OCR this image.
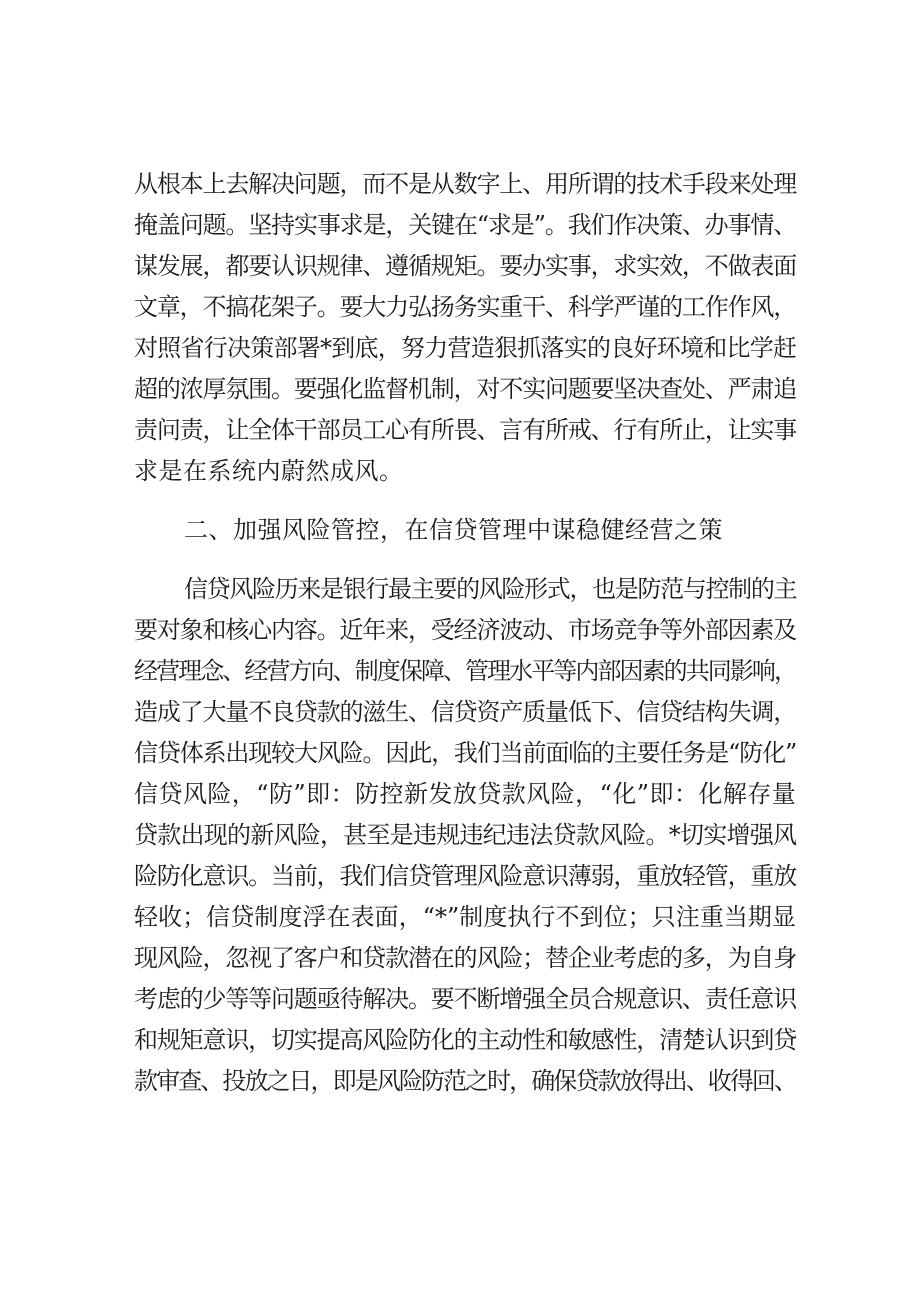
从根本上去解决问题，而不是从数字上、用所谓的技术手段来处理
掩盖问题。坚持实事求是，关键在“求是”。我们作决策、办事情、
谋发展，都要认识规律、遵循规矩。要办实事，求实效，不做表面
文章，不搞花架子。要大力弘扬务实重干、科学严谨的工作作风，
对照省行决策部署*到底，努力营造狠抓落实的良好环境和比学赶
超的浓厚氛围。要强化监督机制，对不实问题要坚决查处、严肃追
责问责，让全体干部员工心有所畏、言有所戒、行有所止，让实事
求是在系统内蔚然成风。
二、加强风险管控，在信贷管理中谋稳健经营之策
信贷风险历来是银行最主要的风险形式，也是防范与控制的主
要对象和核心内容。近年来，受经济波动、市场竞争等外部因素及
经营理念、经营方向、制度保障、管理水平等内部因素的共同影响，
造成了大量不良贷款的滋生、信贷资产质量低下、信贷结构失调，
信贷体系出现较大风险。因此，我们当前面临的主要任务是“防化”
信贷风险，“防”即：防控新发放贷款风险，“化”即：化解存量
贷款出现的新风险，甚至是违规违纪违法贷款风险。*切实增强风
险防化意识。当前，我们信贷管理风险意识薄弱，重放轻管，重放
轻收；信贷制度浮在表面，“*”制度执行不到位；只注重当期显
现风险，忽视了客户和贷款潜在的风险；替企业考虑的多，为自身
考虑的少等等问题亟待解决。要不断增强全员合规意识、责任意识
和规矩意识，切实提高风险防化的主动性和敏感性，清楚认识到贷
款审查、投放之日，即是风险防范之时，确保贷款放得出、收得回、
